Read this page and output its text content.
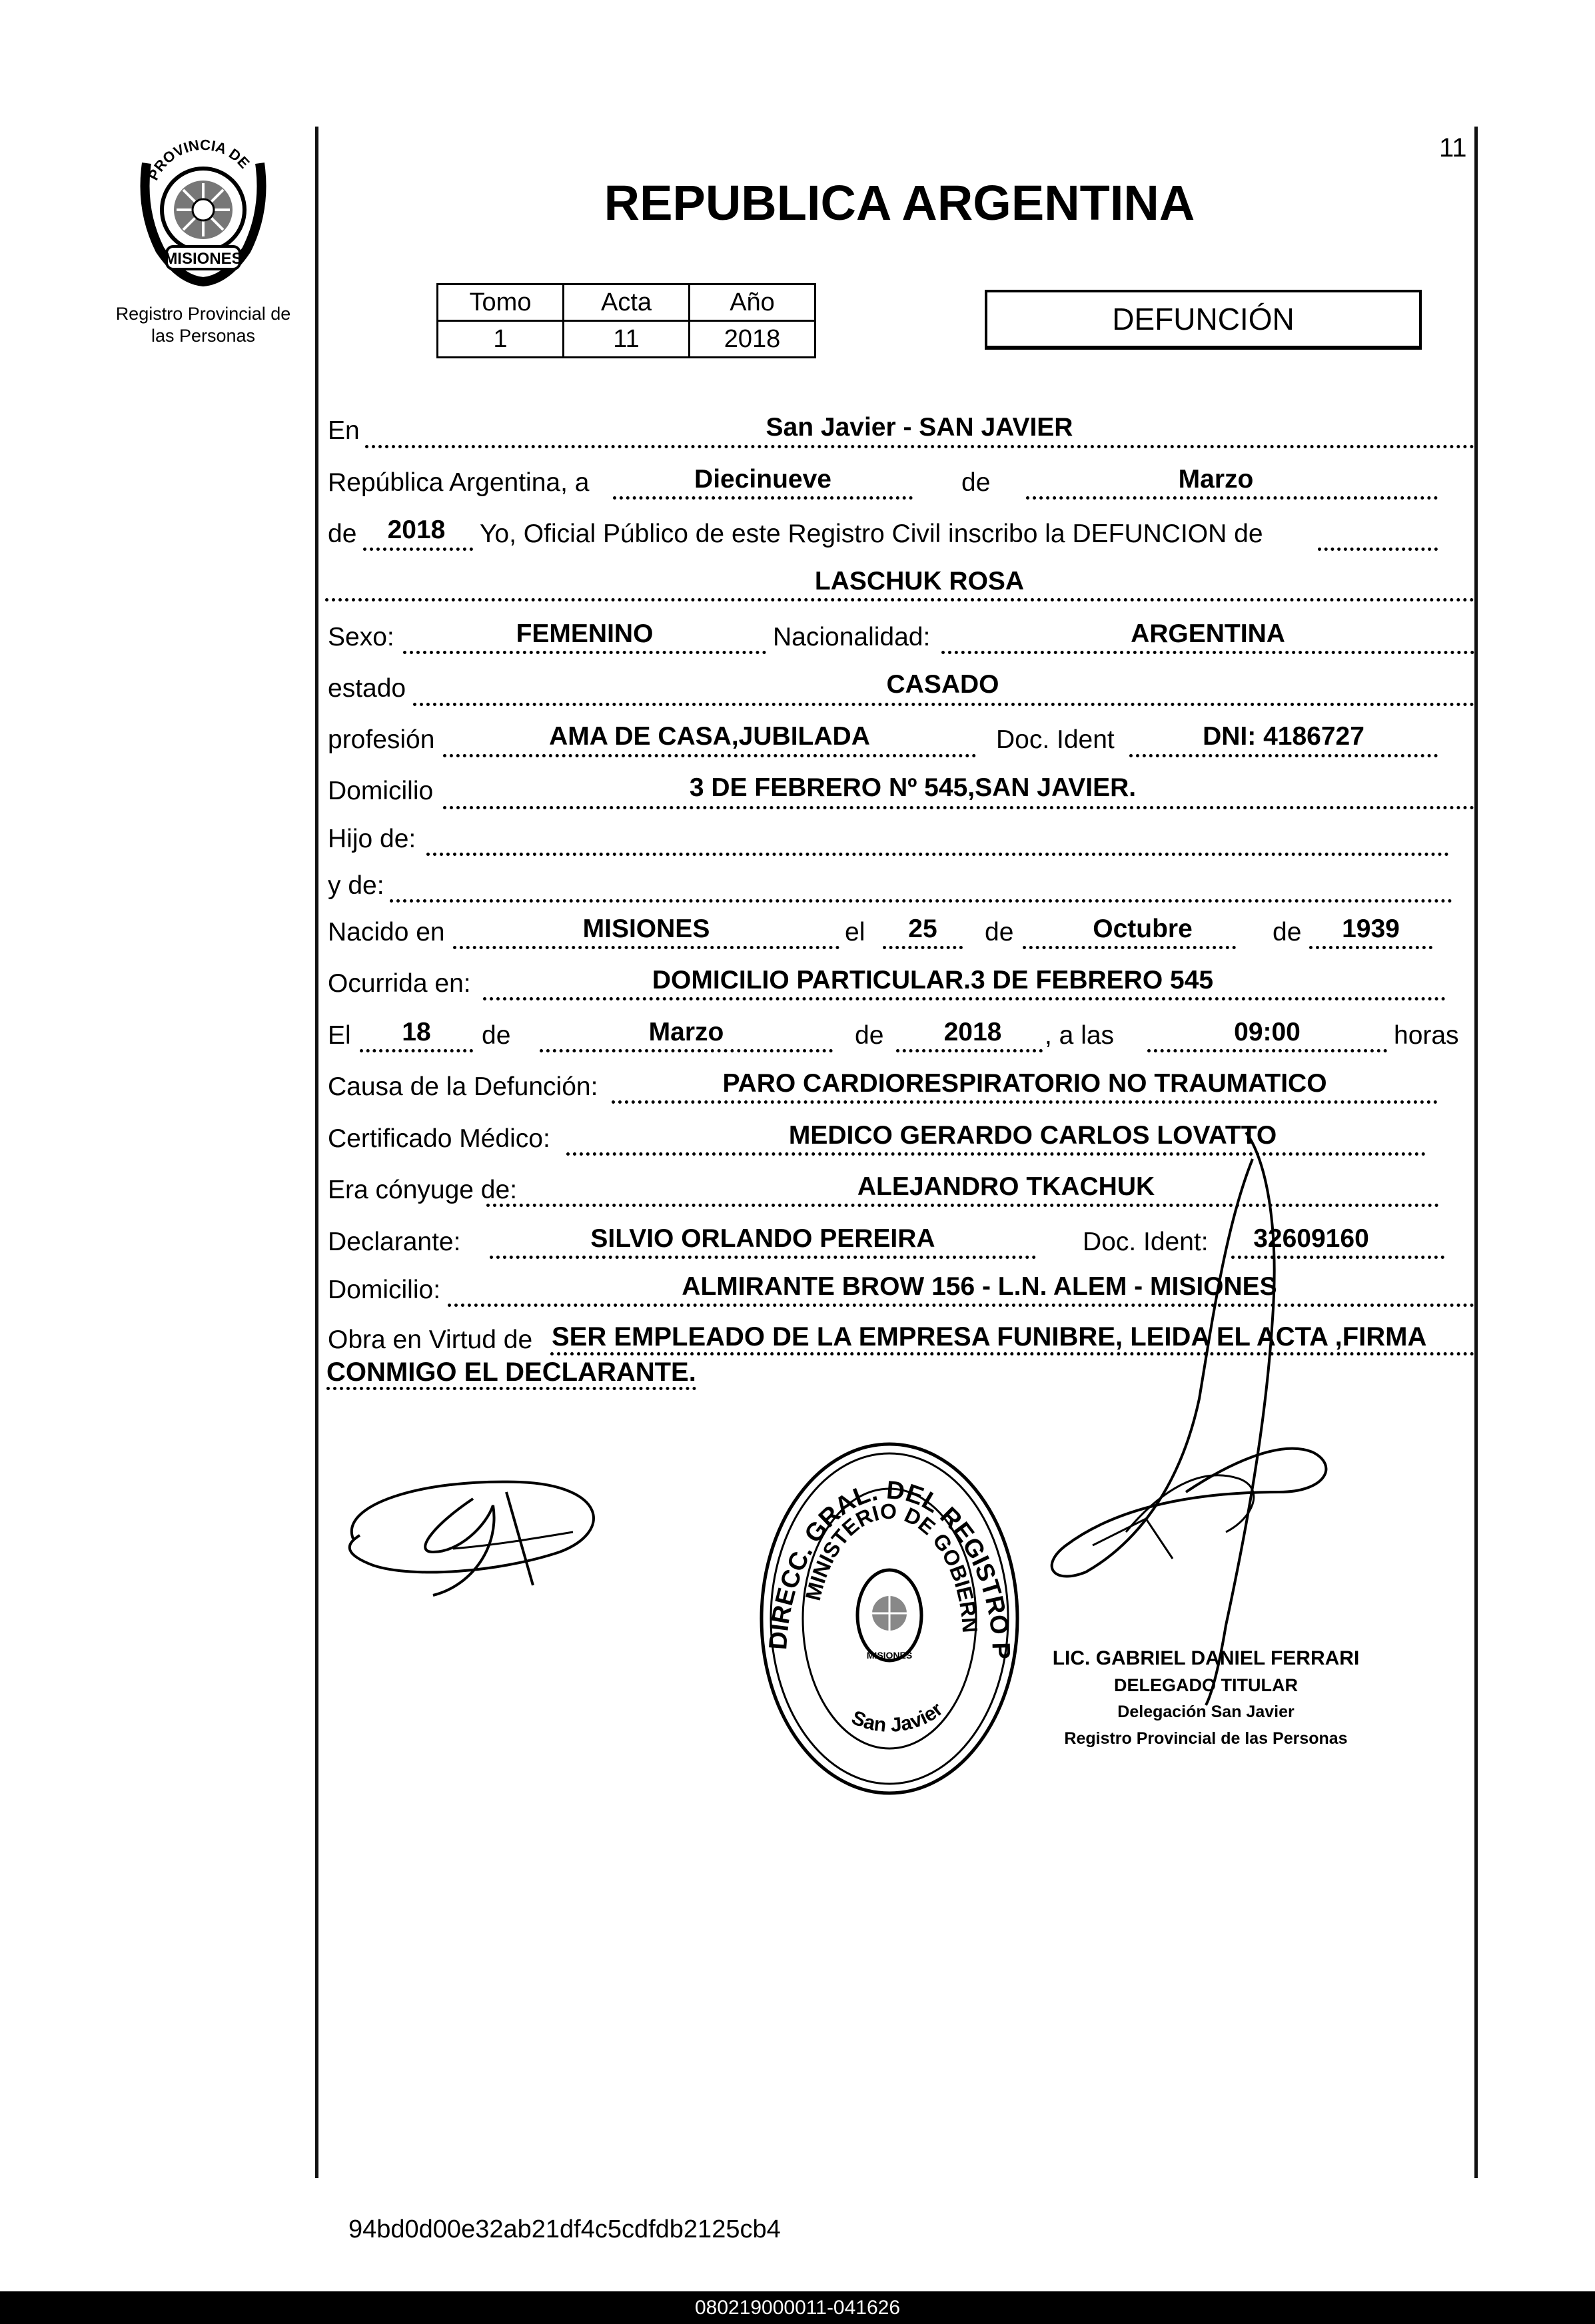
11
PROVINCIA DE
MISIONES
Registro Provincial de
las Personas
REPUBLICA ARGENTINA
Tomo	Acta	Año
1	11	2018
DEFUNCIÓN
En	San Javier - SAN JAVIER
República Argentina, a	Diecinueve	de	Marzo
de	2018	Yo, Oficial Público de este Registro Civil inscribo la DEFUNCION de
LASCHUK ROSA
Sexo:	FEMENINO	Nacionalidad:	ARGENTINA
estado	CASADO
profesión	AMA DE CASA,JUBILADA	Doc. Ident	DNI: 4186727
Domicilio	3 DE FEBRERO Nº 545,SAN JAVIER.
Hijo de:
y de:
Nacido en	MISIONES	el	25	de	Octubre	de	1939
Ocurrida en:	DOMICILIO PARTICULAR.3 DE FEBRERO 545
El	18	de	Marzo	de	2018	, a las	09:00	horas
Causa de la Defunción:	PARO CARDIORESPIRATORIO NO TRAUMATICO
Certificado Médico:	MEDICO GERARDO CARLOS LOVATTO
Era cónyuge de:	ALEJANDRO TKACHUK
Declarante:	SILVIO ORLANDO PEREIRA	Doc. Ident:	32609160
Domicilio:	ALMIRANTE BROW 156 - L.N. ALEM - MISIONES
Obra en Virtud de SER EMPLEADO DE LA EMPRESA FUNIBRE, LEIDA EL ACTA ,FIRMA
CONMIGO EL DECLARANTE.
DIRECC. GRAL. DEL REGISTRO P
MINISTERIO DE GOBIERN
San Javier
MISIONES	LIC. GABRIEL DANIEL FERRARI
DELEGADO TITULAR
Delegación San Javier
Registro Provincial de las Personas
94bd0d00e32ab21df4c5cdfdb2125cb4
080219000011-041626
